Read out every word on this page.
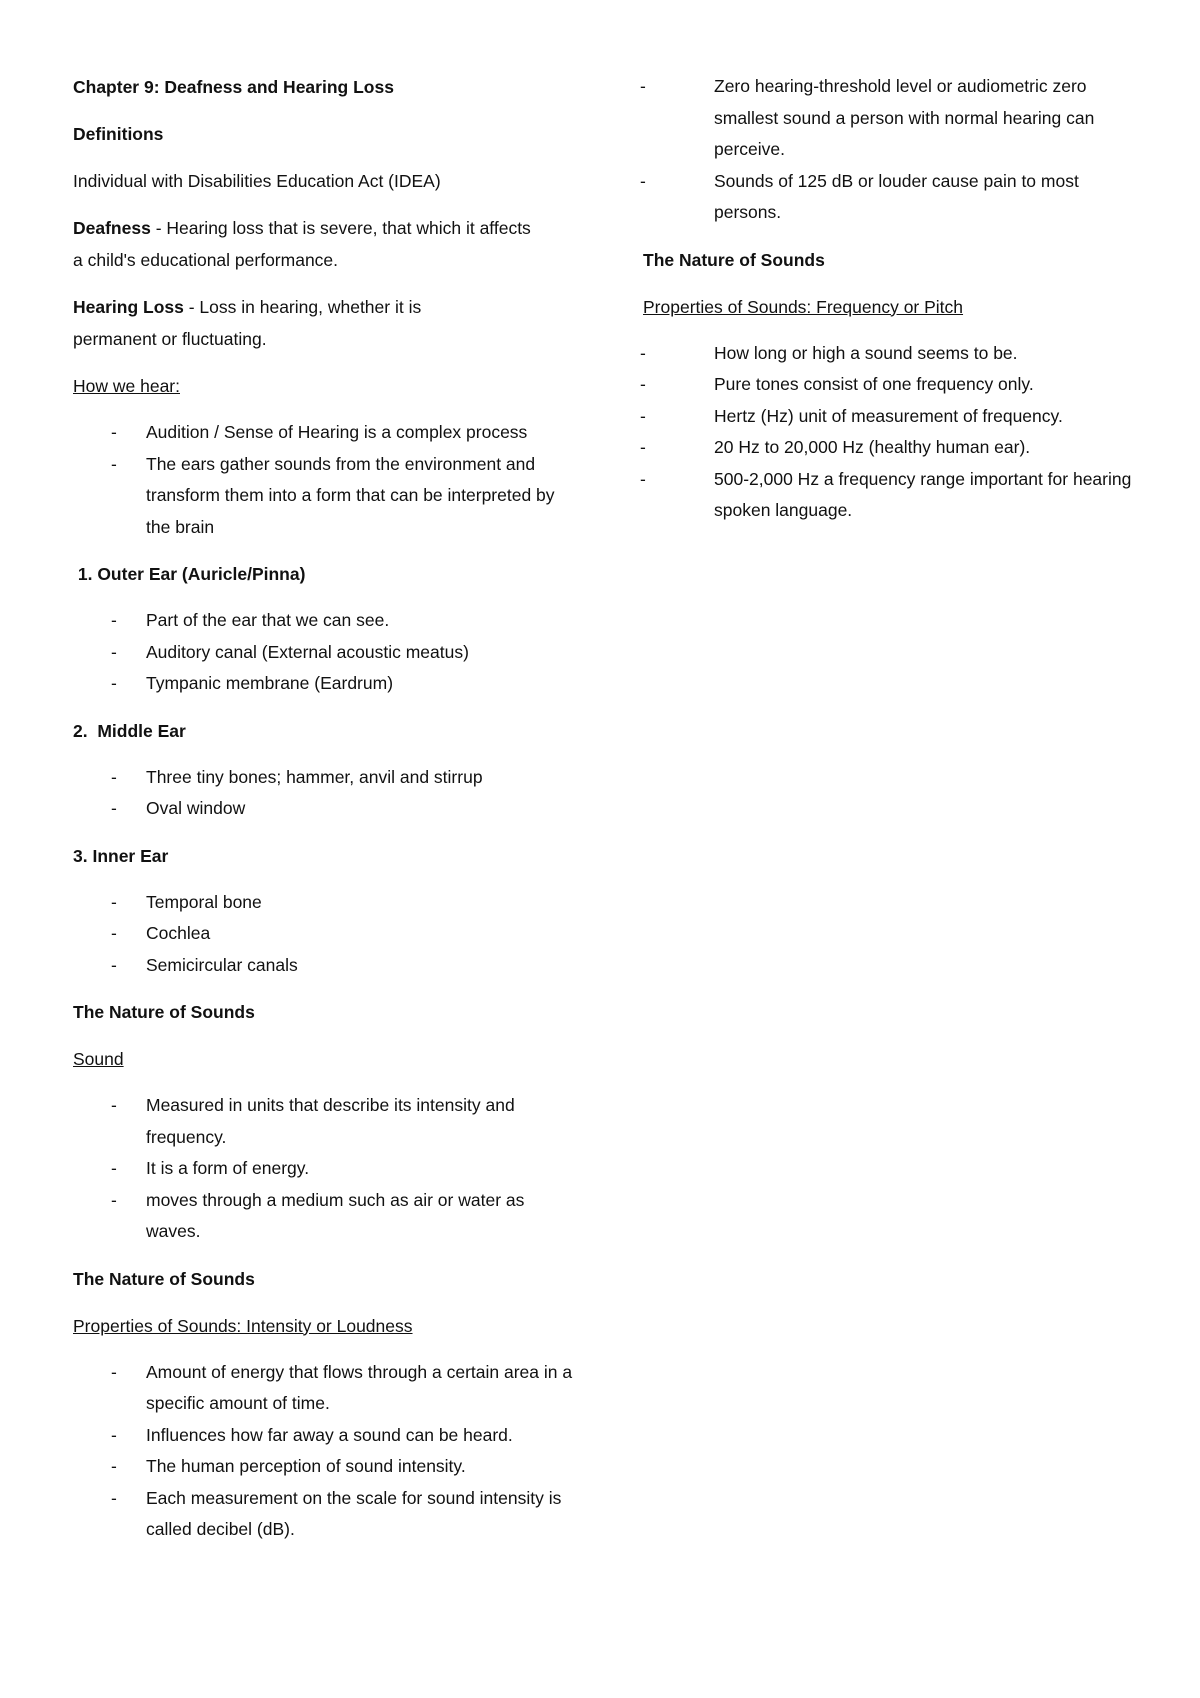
Chapter 9: Deafness and Hearing Loss

Definitions

Individual with Disabilities Education Act (IDEA)

Deafness - Hearing loss that is severe, that which it affects a child's educational performance.

Hearing Loss - Loss in hearing, whether it is permanent or fluctuating.

How we hear:

- Audition / Sense of Hearing is a complex process
- The ears gather sounds from the environment and transform them into a form that can be interpreted by the brain

1. Outer Ear (Auricle/Pinna)

- Part of the ear that we can see.
- Auditory canal (External acoustic meatus)
- Tympanic membrane (Eardrum)

2.  Middle Ear

- Three tiny bones; hammer, anvil and stirrup
- Oval window

3. Inner Ear

- Temporal bone
- Cochlea
- Semicircular canals

The Nature of Sounds

Sound

- Measured in units that describe its intensity and frequency.
- It is a form of energy.
- moves through a medium such as air or water as waves.

The Nature of Sounds

Properties of Sounds: Intensity or Loudness

- Amount of energy that flows through a certain area in a specific amount of time.
- Influences how far away a sound can be heard.
- The human perception of sound intensity.
- Each measurement on the scale for sound intensity is called decibel (dB).
- Zero hearing-threshold level or audiometric zero smallest sound a person with normal hearing can perceive.
- Sounds of 125 dB or louder cause pain to most persons.

The Nature of Sounds

Properties of Sounds: Frequency or Pitch

- How long or high a sound seems to be.
- Pure tones consist of one frequency only.
- Hertz (Hz) unit of measurement of frequency.
- 20 Hz to 20,000 Hz (healthy human ear).
- 500-2,000 Hz a frequency range important for hearing spoken language.
